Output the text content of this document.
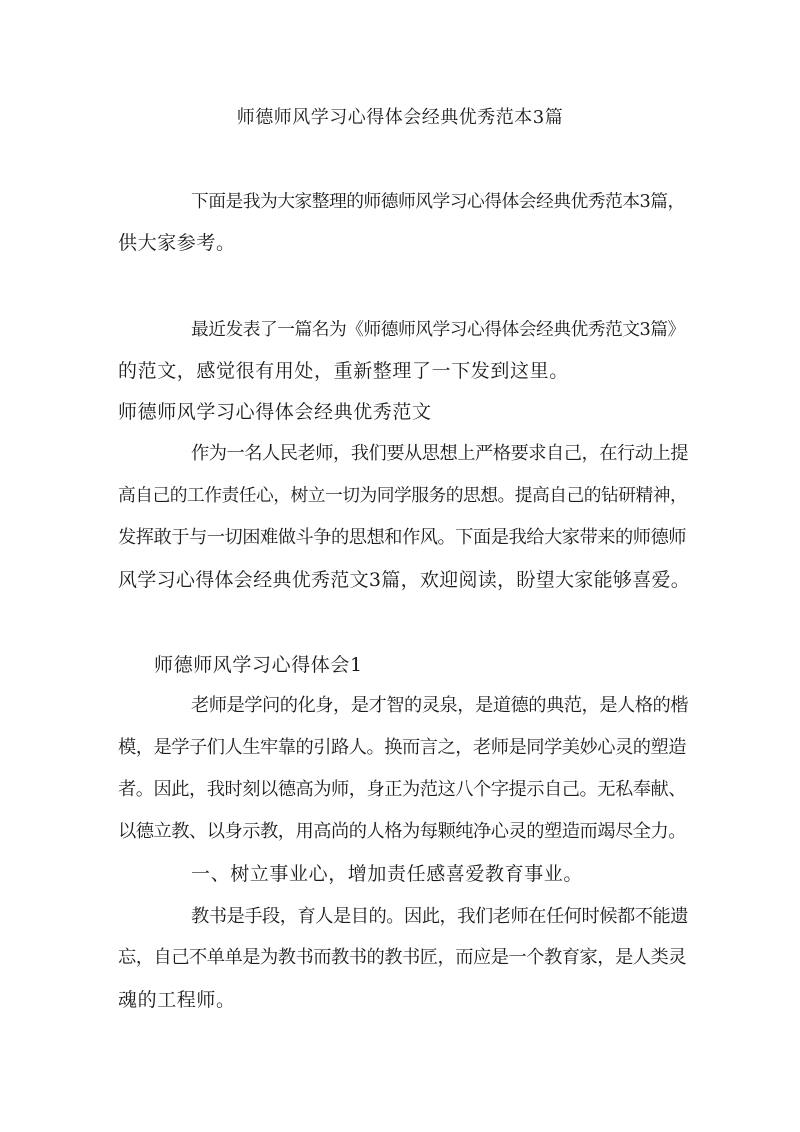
师德师风学习心得体会经典优秀范本3篇
下面是我为大家整理的师德师风学习心得体会经典优秀范本3篇，
供大家参考。
最近发表了一篇名为《师德师风学习心得体会经典优秀范文3篇》
的范文，感觉很有用处，重新整理了一下发到这里。
师德师风学习心得体会经典优秀范文
作为一名人民老师，我们要从思想上严格要求自己，在行动上提
高自己的工作责任心，树立一切为同学服务的思想。提高自己的钻研精神，
发挥敢于与一切困难做斗争的思想和作风。下面是我给大家带来的师德师
风学习心得体会经典优秀范文3篇，欢迎阅读，盼望大家能够喜爱。
师德师风学习心得体会1
老师是学问的化身，是才智的灵泉，是道德的典范，是人格的楷
模，是学子们人生牢靠的引路人。换而言之，老师是同学美妙心灵的塑造
者。因此，我时刻以德高为师，身正为范这八个字提示自己。无私奉献、
以德立教、以身示教，用高尚的人格为每颗纯净心灵的塑造而竭尽全力。
一、树立事业心，增加责任感喜爱教育事业。
教书是手段，育人是目的。因此，我们老师在任何时候都不能遗
忘，自己不单单是为教书而教书的教书匠，而应是一个教育家，是人类灵
魂的工程师。
